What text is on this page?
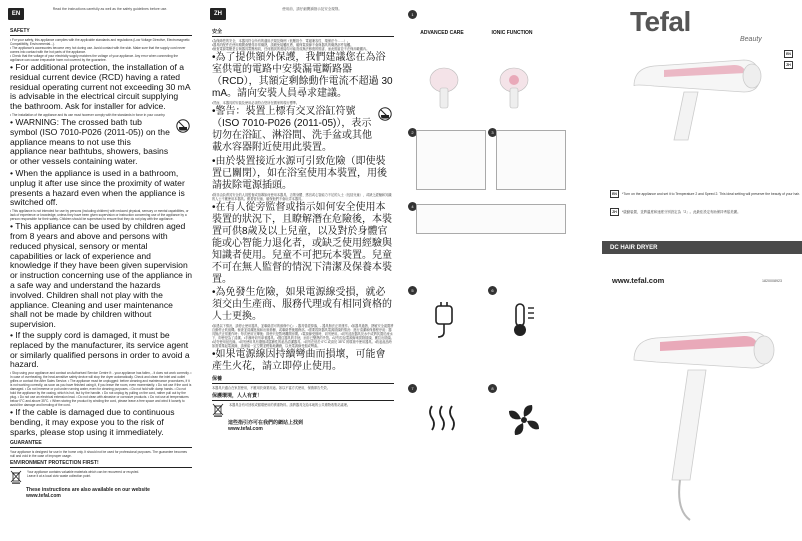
EN
Read the instructions carefully as well as the safety guidelines before use.
SAFETY

• For your safety, this appliance complies with the applicable standards and regulations (Low Voltage Directive, Electromagnetic Compatibility, Environmental...).

• The appliance's accessories become very hot during use. Avoid contact with the skin. Make sure that the supply cord never comes into contact with the hot parts of the appliance.

• Check that the voltage of your electricity supply matches the voltage of your appliance. Any error when connecting the appliance can cause irreparable harm not covered by the guarantee.

• For additional protection, the installation of a residual current device (RCD) having a rated residual operating current not exceeding 30 mA is advisable in the electrical circuit supplying the bathroom. Ask for installer for advice.

• The installation of the appliance and its use must however comply with the standards in force in your country.

• WARNING: The crossed bath tub symbol (ISO 7010-P026 (2011-05)) on the appliance means to not use this appliance near bathtubs, showers, basins or other vessels containing water.

• When the appliance is used in a bathroom, unplug it after use since the proximity of water presents a hazard even when the appliance is switched off.

• This appliance is not intended for use by persons (including children) with reduced physical, sensory or mental capabilities, or lack of experience or knowledge, unless they have been given supervision or instruction concerning use of the appliance by a person responsible for their safety. Children should be supervised to ensure that they do not play with the appliance.

• This appliance can be used by children aged from 8 years and above and persons with reduced physical, sensory or mental capabilities or lack of experience and knowledge if they have been given supervision or instruction concerning use of the appliance in a safe way and understand the hazards involved. Children shall not play with the appliance. Cleaning and user maintenance shall not be made by children without supervision.

• If the supply cord is damaged, it must be replaced by the manufacturer, its service agent or similarly qualified persons in order to avoid a hazard.

• Stop using your appliance and contact an Authorised Service Centre if: - your appliance has fallen, - it does not work correctly. • In case of overheating, the heat-sensitive safety device will stop the dryer automatically. Check and clean the inlet and outlet grilles or contact the After Sales Service. • The appliance must be unplugged: before cleaning and maintenance procedures, if it is not working correctly, as soon as you have finished using it, if you leave the room, even momentarily. • Do not use if the cord is damaged. • Do not immerse or put under running water, even for cleaning purposes. • Do not hold with damp hands. • Do not hold the appliance by the casing, which is hot, but by the handle. • Do not unplug by pulling on the cord, rather pull out by the plug. • Do not use an electrical extension lead. • Do not clean with abrasive or corrosive products. • Do not use at temperatures below 0°C and above 35°C. • When storing the product by winding the cord, please leave a free space and wind it loosely to avoid the damage and bending of the cord.

• If the cable is damaged due to continuous bending, it may expose you to the risk of sparks, please stop using it immediately.

GUARANTEE

Your appliance is designed for use in the home only. It should not be used for professional purposes. The guarantee becomes null and void in the case of improper usage.

ENVIRONMENT PROTECTION FIRST!

Your appliance contains valuable materials which can be recovered or recycled.

Leave it at a local civic waste collection point.

These instructions are also available on our website

www.tefal.com

ZH
使用前，請仔細閱讀指示及安全規則。
安全

•為保障您的安全，本器具符合所有的適用法規及條例（低壓指令、電磁兼容性、環保法令……）。

•器具的配件在使用期間會變得非常熾熱，請避免接觸皮膚，確保電源線不會與器具的熾熱部件接觸。

•檢查電源電壓是否與器具電壓相同，任何錯誤的連接均可能造成無法修復的損害，而此損害並不在保用範圍內。

•為了提供額外保護，我們建議您在為浴室供電的電路中安裝漏電斷路器（RCD），其額定剩餘動作電流不超過 30 mA。請向安裝人員尋求建議。

•然而，本器具的安裝及使用必須符合您所在國家的現行標準。

•警告：裝置上標有交叉浴缸符號（ISO 7010-P026 (2011-05)），表示切勿在浴缸、淋浴間、洗手盆或其他載水容器附近使用此裝置。

•由於裝置接近水源可引致危險（即使裝置已關閉），如在浴室使用本裝置，用後請拔除電源插頭。

•除非由負責其安全的人員監督或指導如何使用本器具，否則身體、感官或心智能力不足的人士（包括兒童），或缺乏經驗和知識的人士不應使用本器具。應看管兒童，確保他們不會玩弄本器具。

•在有人從旁監督或指示如何安全使用本裝置的狀況下，且瞭解潛在危險後，本裝置可供8歲及以上兒童，以及對於身體官能或心智能力退化者，或缺乏使用經驗與知識者使用。兒童不可把玩本裝置。兒童不可在無人監督的情況下清潔及保養本裝置。

•為免發生危險，如果電源線受損，就必須交由生產商、服務代理或有相同資格的人士更換。

•如遇以下情況，請停止使用器具，並聯絡認可的維修中心：- 器具曾經掉落，- 器具無法正常運作。•如器具過熱，熱敏安全裝置將自動停止吹風機。檢查並清潔進風和出風格柵，或聯絡售後服務部。•需要拔除器具電源插頭的情況：進行清潔和保養程序前；器具無法正常運作時；每次使用完畢後；即使只是暫時離開房間。•電源線受損時，切勿使用。•切勿浸泡器具於水中或將其置於流水下，即使是為了清潔。•手濕時切勿拿著器具。•握住器具的手柄，而非已變熱的外殼。•切勿拉扯電源線來拔除插頭，應拉出插頭。•切勿使用延長線。•切勿使用具有磨損或腐蝕性的產品清潔器具。•切勿在低於 0°C 或高於 35°C 的環境中使用器具。•收起產品時如需要捲起電源線，請保留一定空間並輕鬆地纏繞，以免電源線受損或彎曲。

•如果電源線因持續彎曲而損壞，可能會產生火花，請立即停止使用。

保養

本器具只適合在家居使用，不應用於商業用途。如以不當方式使用，保養即告失效。

保護環境，人人有責！

本器具含有可回收或循環使用的貴重物料。請將器具交給本地的公共廢物收集站處理。

這些指引亦可在我們的網站上找到

www.tefal.com

1
ADVANCED CARE	IONIC FUNCTION
2	3
4
5	6
7	8
Tefal
Beauty
EN
ZH
EN *Turn on the appliance and set it to Temperature 2 and Speed 2. This ideal setting will preserve the beauty of your hair.
ZH *啟動裝置，並將溫度和速度分別設定為「2」。此最佳設定有助保持秀髮美麗。
DC HAIR DRYER
www.tefal.com	1820008923
